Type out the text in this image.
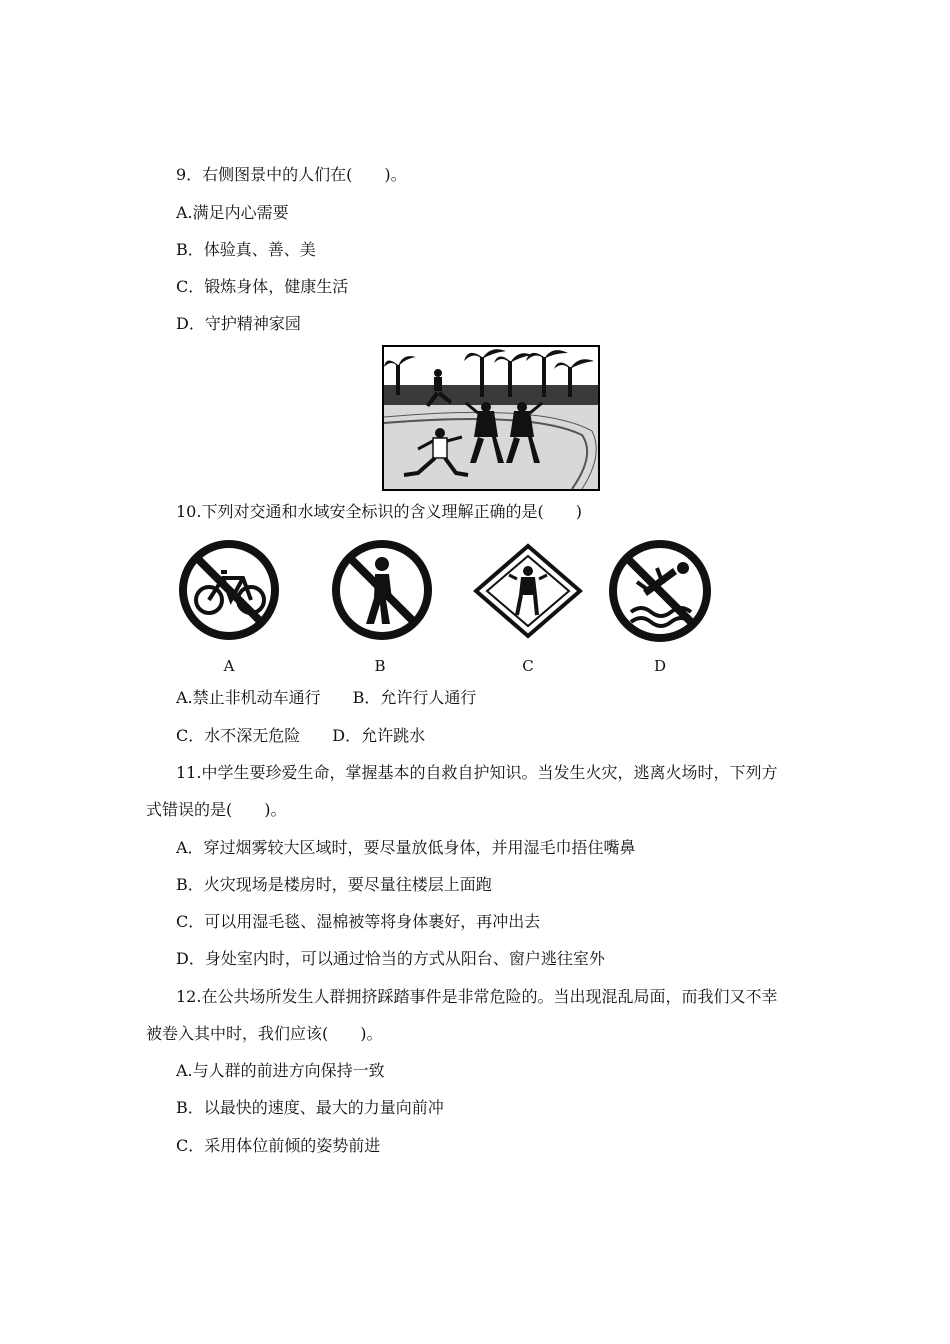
9．右侧图景中的人们在(　　)。
A.满足内心需要
B．体验真、善、美
C．锻炼身体，健康生活
D．守护精神家园
10.下列对交通和水域安全标识的含义理解正确的是(　　)
A	B	C	D
A.禁止非机动车通行　　B．允许行人通行
C．水不深无危险　　D．允许跳水
11.中学生要珍爱生命，掌握基本的自救自护知识。当发生火灾，逃离火场时，下列方
式错误的是(　　)。
A．穿过烟雾较大区域时，要尽量放低身体，并用湿毛巾捂住嘴鼻
B．火灾现场是楼房时，要尽量往楼层上面跑
C．可以用湿毛毯、湿棉被等将身体裹好，再冲出去
D．身处室内时，可以通过恰当的方式从阳台、窗户逃往室外
12.在公共场所发生人群拥挤踩踏事件是非常危险的。当出现混乱局面，而我们又不幸
被卷入其中时，我们应该(　　)。
A.与人群的前进方向保持一致
B．以最快的速度、最大的力量向前冲
C．采用体位前倾的姿势前进
